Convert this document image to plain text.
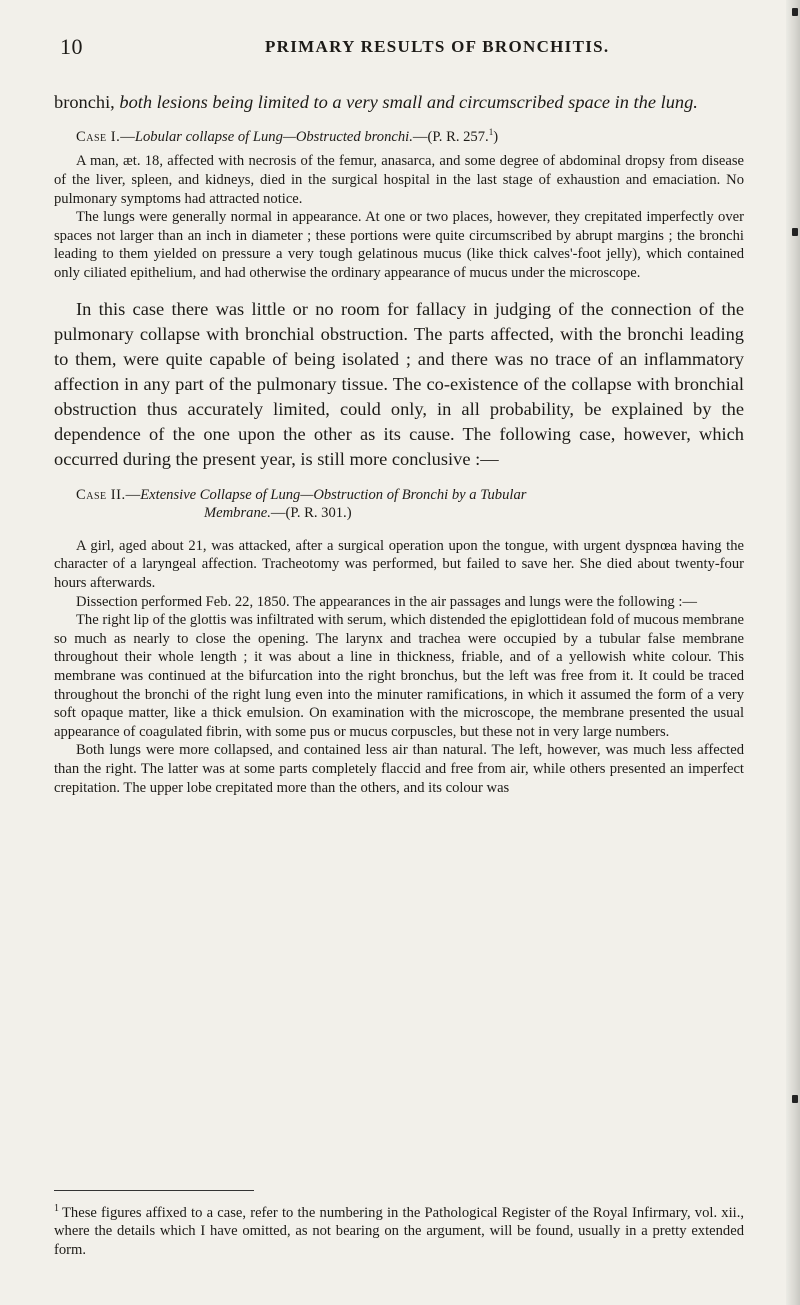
10	PRIMARY RESULTS OF BRONCHITIS.

bronchi, both lesions being limited to a very small and circumscribed space in the lung.

Case I.—Lobular collapse of Lung—Obstructed bronchi.—(P. R. 257.$^1$)

A man, æt. 18, affected with necrosis of the femur, anasarca, and some degree of abdominal dropsy from disease of the liver, spleen, and kidneys, died in the surgical hospital in the last stage of exhaustion and emaciation. No pulmonary symptoms had attracted notice.

The lungs were generally normal in appearance. At one or two places, however, they crepitated imperfectly over spaces not larger than an inch in diameter ; these portions were quite circumscribed by abrupt margins ; the bronchi leading to them yielded on pressure a very tough gelatinous mucus (like thick calves'-foot jelly), which contained only ciliated epithelium, and had otherwise the ordinary appearance of mucus under the microscope.

In this case there was little or no room for fallacy in judging of the connection of the pulmonary collapse with bronchial obstruction. The parts affected, with the bronchi leading to them, were quite capable of being isolated ; and there was no trace of an inflammatory affection in any part of the pulmonary tissue. The co-existence of the collapse with bronchial obstruction thus accurately limited, could only, in all probability, be explained by the dependence of the one upon the other as its cause. The following case, however, which occurred during the present year, is still more conclusive :—

Case II.—Extensive Collapse of Lung—Obstruction of Bronchi by a Tubular
Membrane.—(P. R. 301.)

A girl, aged about 21, was attacked, after a surgical operation upon the tongue, with urgent dyspnœa having the character of a laryngeal affection. Tracheotomy was performed, but failed to save her. She died about twenty-four hours afterwards.

Dissection performed Feb. 22, 1850. The appearances in the air passages and lungs were the following :—

The right lip of the glottis was infiltrated with serum, which distended the epiglottidean fold of mucous membrane so much as nearly to close the opening. The larynx and trachea were occupied by a tubular false membrane throughout their whole length ; it was about a line in thickness, friable, and of a yellowish white colour. This membrane was continued at the bifurcation into the right bronchus, but the left was free from it. It could be traced throughout the bronchi of the right lung even into the minuter ramifications, in which it assumed the form of a very soft opaque matter, like a thick emulsion. On examination with the microscope, the membrane presented the usual appearance of coagulated fibrin, with some pus or mucus corpuscles, but these not in very large numbers.

Both lungs were more collapsed, and contained less air than natural. The left, however, was much less affected than the right. The latter was at some parts completely flaccid and free from air, while others presented an imperfect crepitation. The upper lobe crepitated more than the others, and its colour was

$^1$ These figures affixed to a case, refer to the numbering in the Pathological Register of the Royal Infirmary, vol. xii., where the details which I have omitted, as not bearing on the argument, will be found, usually in a pretty extended form.
